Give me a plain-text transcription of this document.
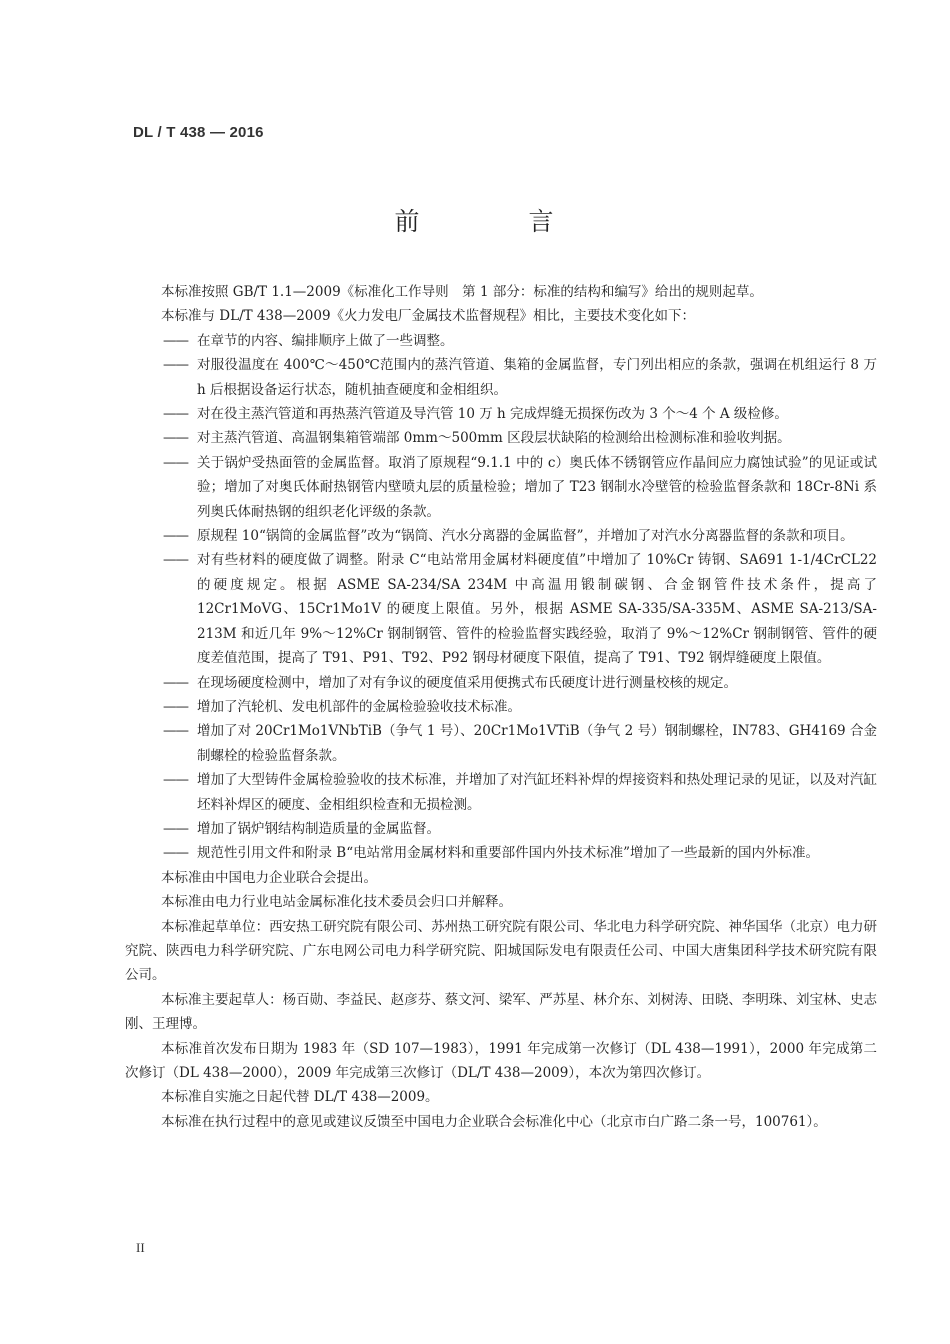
DL / T 438 — 2016
前　言

本标准按照 GB/T 1.1—2009《标准化工作导则　第 1 部分：标准的结构和编写》给出的规则起草。

本标准与 DL/T 438—2009《火力发电厂金属技术监督规程》相比，主要技术变化如下：

—— 在章节的内容、编排顺序上做了一些调整。
—— 对服役温度在 400℃～450℃范围内的蒸汽管道、集箱的金属监督，专门列出相应的条款，强调在机组运行 8 万 h 后根据设备运行状态，随机抽查硬度和金相组织。
—— 对在役主蒸汽管道和再热蒸汽管道及导汽管 10 万 h 完成焊缝无损探伤改为 3 个～4 个 A 级检修。
—— 对主蒸汽管道、高温钢集箱管端部 0mm～500mm 区段层状缺陷的检测给出检测标准和验收判据。
—— 关于锅炉受热面管的金属监督。取消了原规程“9.1.1 中的 c）奥氏体不锈钢管应作晶间应力腐蚀试验”的见证或试验；增加了对奥氏体耐热钢管内壁喷丸层的质量检验；增加了 T23 钢制水冷壁管的检验监督条款和 18Cr-8Ni 系列奥氏体耐热钢的组织老化评级的条款。
—— 原规程 10“锅筒的金属监督”改为“锅筒、汽水分离器的金属监督”，并增加了对汽水分离器监督的条款和项目。
—— 对有些材料的硬度做了调整。附录 C“电站常用金属材料硬度值”中增加了 10%Cr 铸钢、SA691 1-1/4CrCL22 的硬度规定。根据 ASME SA-234/SA 234M 中高温用锻制碳钢、合金钢管件技术条件，提高了 12Cr1MoVG、15Cr1Mo1V 的硬度上限值。另外，根据 ASME SA-335/SA-335M、ASME SA-213/SA-213M 和近几年 9%～12%Cr 钢制钢管、管件的检验监督实践经验，取消了 9%～12%Cr 钢制钢管、管件的硬度差值范围，提高了 T91、P91、T92、P92 钢母材硬度下限值，提高了 T91、T92 钢焊缝硬度上限值。
—— 在现场硬度检测中，增加了对有争议的硬度值采用便携式布氏硬度计进行测量校核的规定。
—— 增加了汽轮机、发电机部件的金属检验验收技术标准。
—— 增加了对 20Cr1Mo1VNbTiB（争气 1 号）、20Cr1Mo1VTiB（争气 2 号）钢制螺栓，IN783、GH4169 合金制螺栓的检验监督条款。
—— 增加了大型铸件金属检验验收的技术标准，并增加了对汽缸坯料补焊的焊接资料和热处理记录的见证，以及对汽缸坯料补焊区的硬度、金相组织检查和无损检测。
—— 增加了锅炉钢结构制造质量的金属监督。
—— 规范性引用文件和附录 B“电站常用金属材料和重要部件国内外技术标准”增加了一些最新的国内外标准。

本标准由中国电力企业联合会提出。

本标准由电力行业电站金属标准化技术委员会归口并解释。

本标准起草单位：西安热工研究院有限公司、苏州热工研究院有限公司、华北电力科学研究院、神华国华（北京）电力研究院、陕西电力科学研究院、广东电网公司电力科学研究院、阳城国际发电有限责任公司、中国大唐集团科学技术研究院有限公司。

本标准主要起草人：杨百勋、李益民、赵彦芬、蔡文河、梁军、严苏星、林介东、刘树涛、田晓、李明珠、刘宝林、史志刚、王理博。

本标准首次发布日期为 1983 年（SD 107—1983），1991 年完成第一次修订（DL 438—1991），2000 年完成第二次修订（DL 438—2000），2009 年完成第三次修订（DL/T 438—2009），本次为第四次修订。

本标准自实施之日起代替 DL/T 438—2009。

本标准在执行过程中的意见或建议反馈至中国电力企业联合会标准化中心（北京市白广路二条一号，100761）。

II
